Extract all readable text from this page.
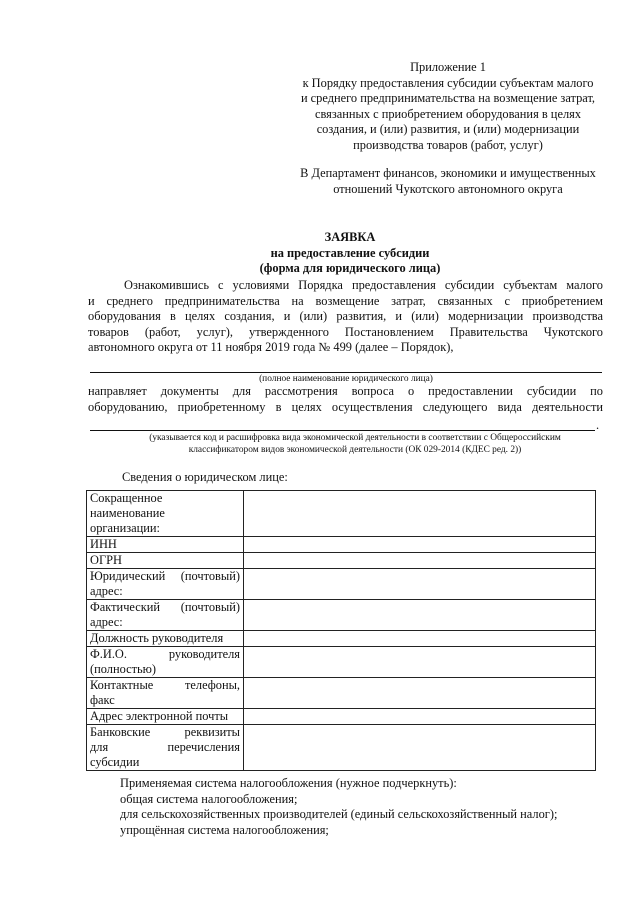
Приложение 1
к Порядку предоставления субсидии субъектам малого
и среднего предпринимательства на возмещение затрат,
связанных с приобретением оборудования в целях
создания, и (или) развития, и (или) модернизации
производства товаров (работ, услуг)
В Департамент финансов, экономики и имущественных
отношений Чукотского автономного округа
ЗАЯВКА
на предоставление субсидии
(форма для юридического лица)
Ознакомившись с условиями Порядка предоставления субсидии субъектам малого
и среднего предпринимательства на возмещение затрат, связанных с приобретением
оборудования в целях создания, и (или) развития, и (или) модернизации производства
товаров (работ, услуг), утвержденного Постановлением Правительства Чукотского
автономного округа от 11 ноября 2019 года № 499 (далее – Порядок),
(полное наименование юридического лица)
направляет документы для рассмотрения вопроса о предоставлении субсидии по
оборудованию, приобретенному в целях осуществления следующего вида деятельности
.
(указывается код и расшифровка вида экономической деятельности в соответствии с Общероссийским
классификатором видов экономической деятельности (ОК 029-2014 (КДЕС ред. 2))
Сведения о юридическом лице:
Сокращенное
наименование
организации:	

ИНН	

ОГРН	

Юридический (почтовый)
адрес:	

Фактический (почтовый)
адрес:	

Должность руководителя	

Ф.И.О. руководителя
(полностью)	

Контактные телефоны,
факс	

Адрес электронной почты	

Банковские реквизиты
для перечисления
субсидии	

Применяемая система налогообложения (нужное подчеркнуть):
общая система налогообложения;
для сельскохозяйственных производителей (единый сельскохозяйственный налог);
упрощённая система налогообложения;
